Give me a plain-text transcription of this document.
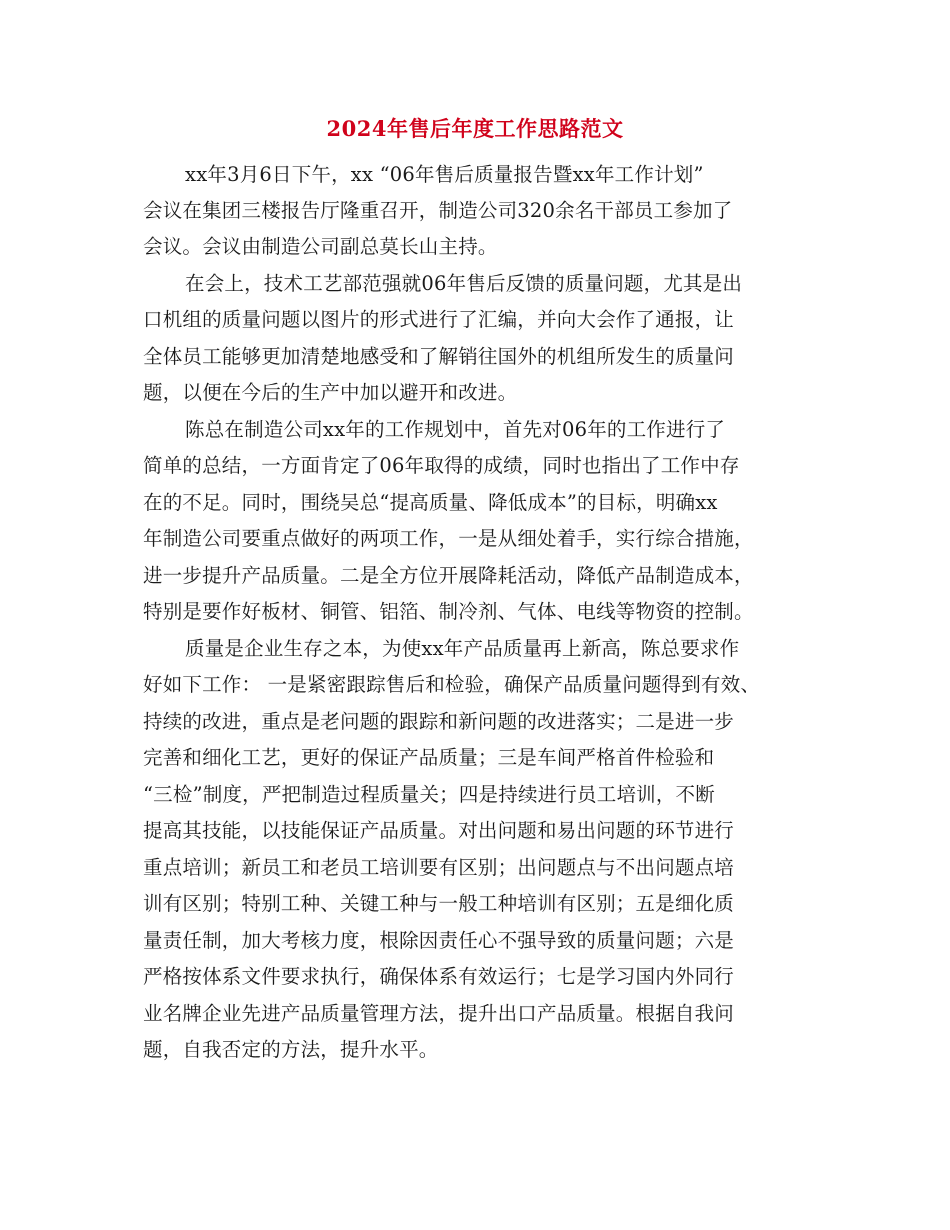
2024年售后年度工作思路范文

xx年3月6日下午，xx “06年售后质量报告暨xx年工作计划”

会议在集团三楼报告厅隆重召开，制造公司320余名干部员工参加了

会议。会议由制造公司副总莫长山主持。

在会上，技术工艺部范强就06年售后反馈的质量问题，尤其是出

口机组的质量问题以图片的形式进行了汇编，并向大会作了通报，让

全体员工能够更加清楚地感受和了解销往国外的机组所发生的质量问

题，以便在今后的生产中加以避开和改进。

陈总在制造公司xx年的工作规划中，首先对06年的工作进行了

简单的总结，一方面肯定了06年取得的成绩，同时也指出了工作中存

在的不足。同时，围绕吴总“提高质量、降低成本”的目标，明确xx

年制造公司要重点做好的两项工作，一是从细处着手，实行综合措施，

进一步提升产品质量。二是全方位开展降耗活动，降低产品制造成本，

特别是要作好板材、铜管、铝箔、制冷剂、气体、电线等物资的控制。

质量是企业生存之本，为使xx年产品质量再上新高，陈总要求作

好如下工作： 一是紧密跟踪售后和检验，确保产品质量问题得到有效、

持续的改进，重点是老问题的跟踪和新问题的改进落实；二是进一步

完善和细化工艺，更好的保证产品质量；三是车间严格首件检验和

“三检”制度，严把制造过程质量关；四是持续进行员工培训，不断

提高其技能，以技能保证产品质量。对出问题和易出问题的环节进行

重点培训；新员工和老员工培训要有区别；出问题点与不出问题点培

训有区别；特别工种、关键工种与一般工种培训有区别；五是细化质

量责任制，加大考核力度，根除因责任心不强导致的质量问题；六是

严格按体系文件要求执行，确保体系有效运行；七是学习国内外同行

业名牌企业先进产品质量管理方法，提升出口产品质量。根据自我问

题，自我否定的方法，提升水平。
